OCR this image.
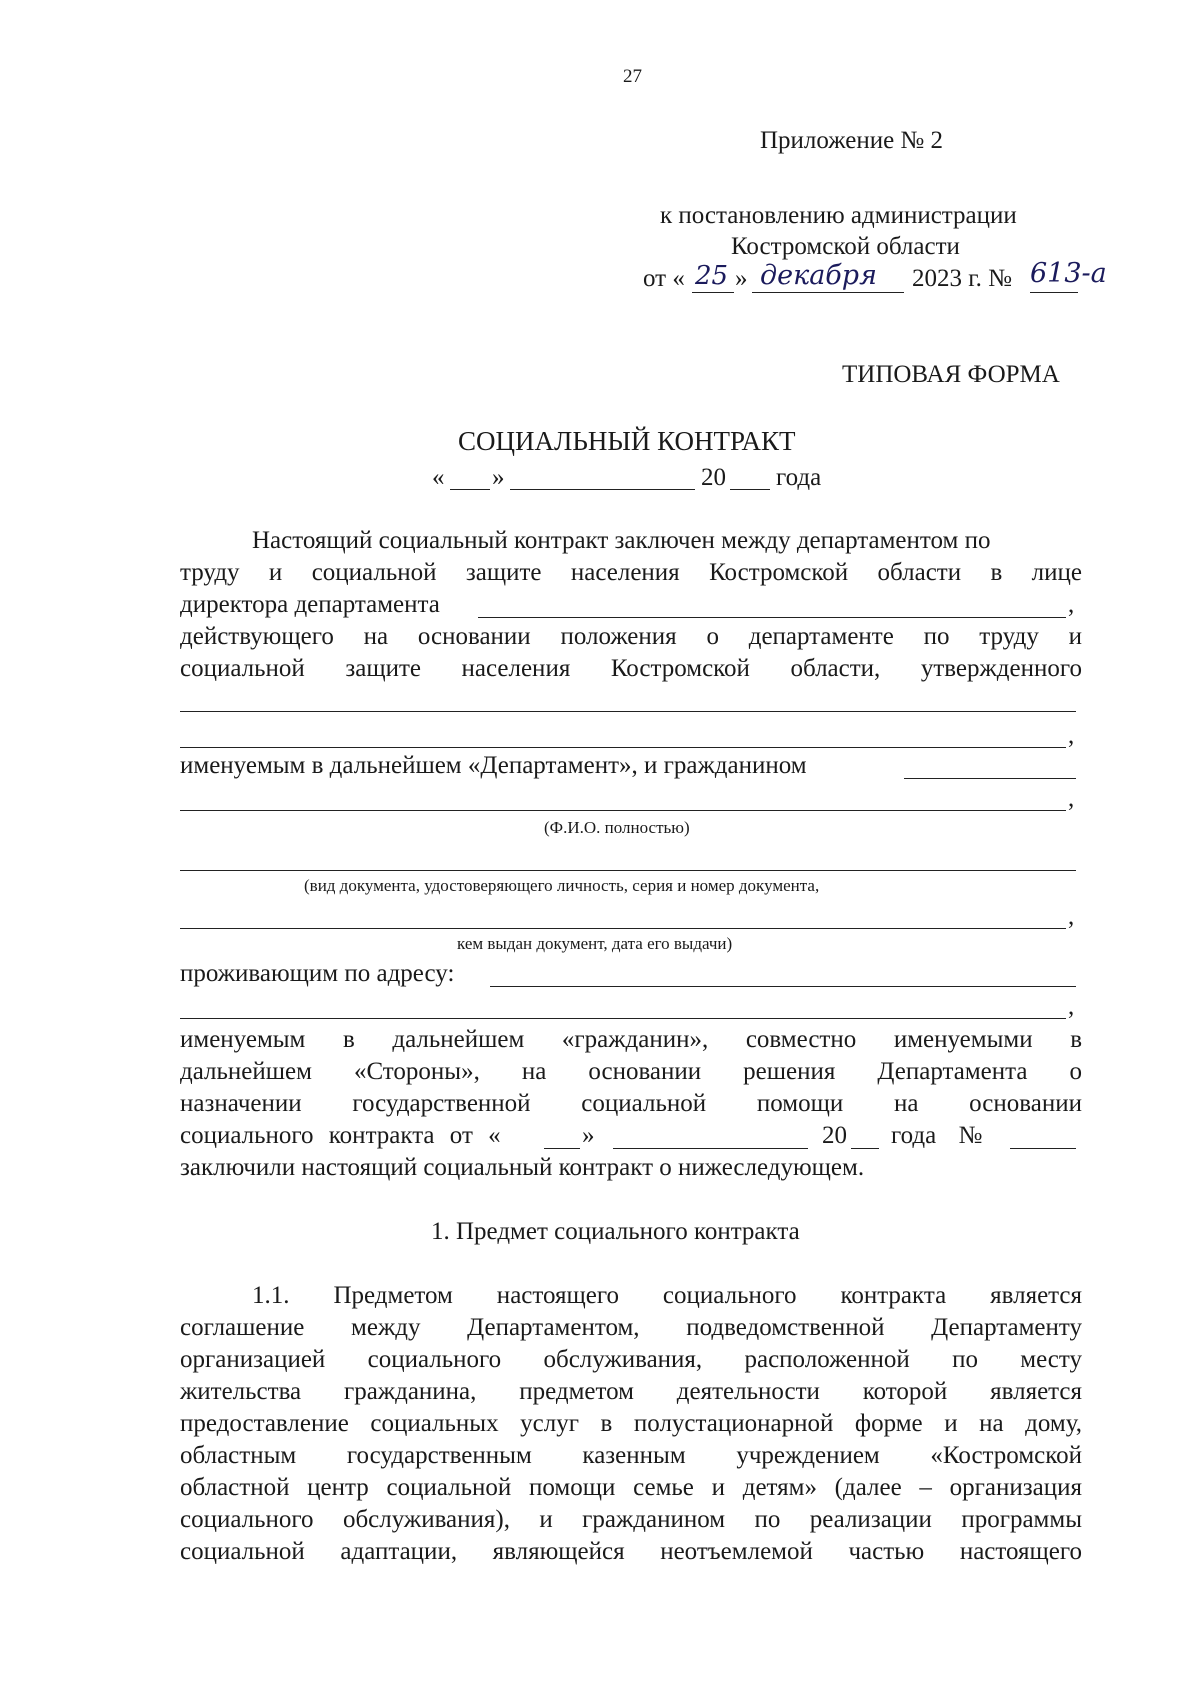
27
Приложение № 2
к постановлению администрации
Костромской области
от « 25 » декабря 2023 г. № 613-а
ТИПОВАЯ ФОРМА
СОЦИАЛЬНЫЙ КОНТРАКТ
« »	20 года
Настоящий социальный контракт заключен между департаментом по
труду и социальной защите населения Костромской области в лице
директора департамента	,
действующего на основании положения о департаменте по труду и
социальной защите населения Костромской области, утвержденного
,
именуемым в дальнейшем «Департамент», и гражданином
,
(Ф.И.О. полностью)
(вид документа, удостоверяющего личность, серия и номер документа,
,
кем выдан документ, дата его выдачи)
проживающим по адресу:
,
именуемым в дальнейшем «гражданин», совместно именуемыми в
дальнейшем «Стороны», на основании решения Департамента о
назначении государственной социальной помощи на основании
социального контракта от «	»	20 года №
заключили настоящий социальный контракт о нижеследующем.
1. Предмет социального контракта
1.1. Предметом настоящего социального контракта является
соглашение между Департаментом, подведомственной Департаменту
организацией социального обслуживания, расположенной по месту
жительства гражданина, предметом деятельности которой является
предоставление социальных услуг в полустационарной форме и на дому,
областным государственным казенным учреждением «Костромской
областной центр социальной помощи семье и детям» (далее – организация
социального обслуживания), и гражданином по реализации программы
социальной адаптации, являющейся неотъемлемой частью настоящего
